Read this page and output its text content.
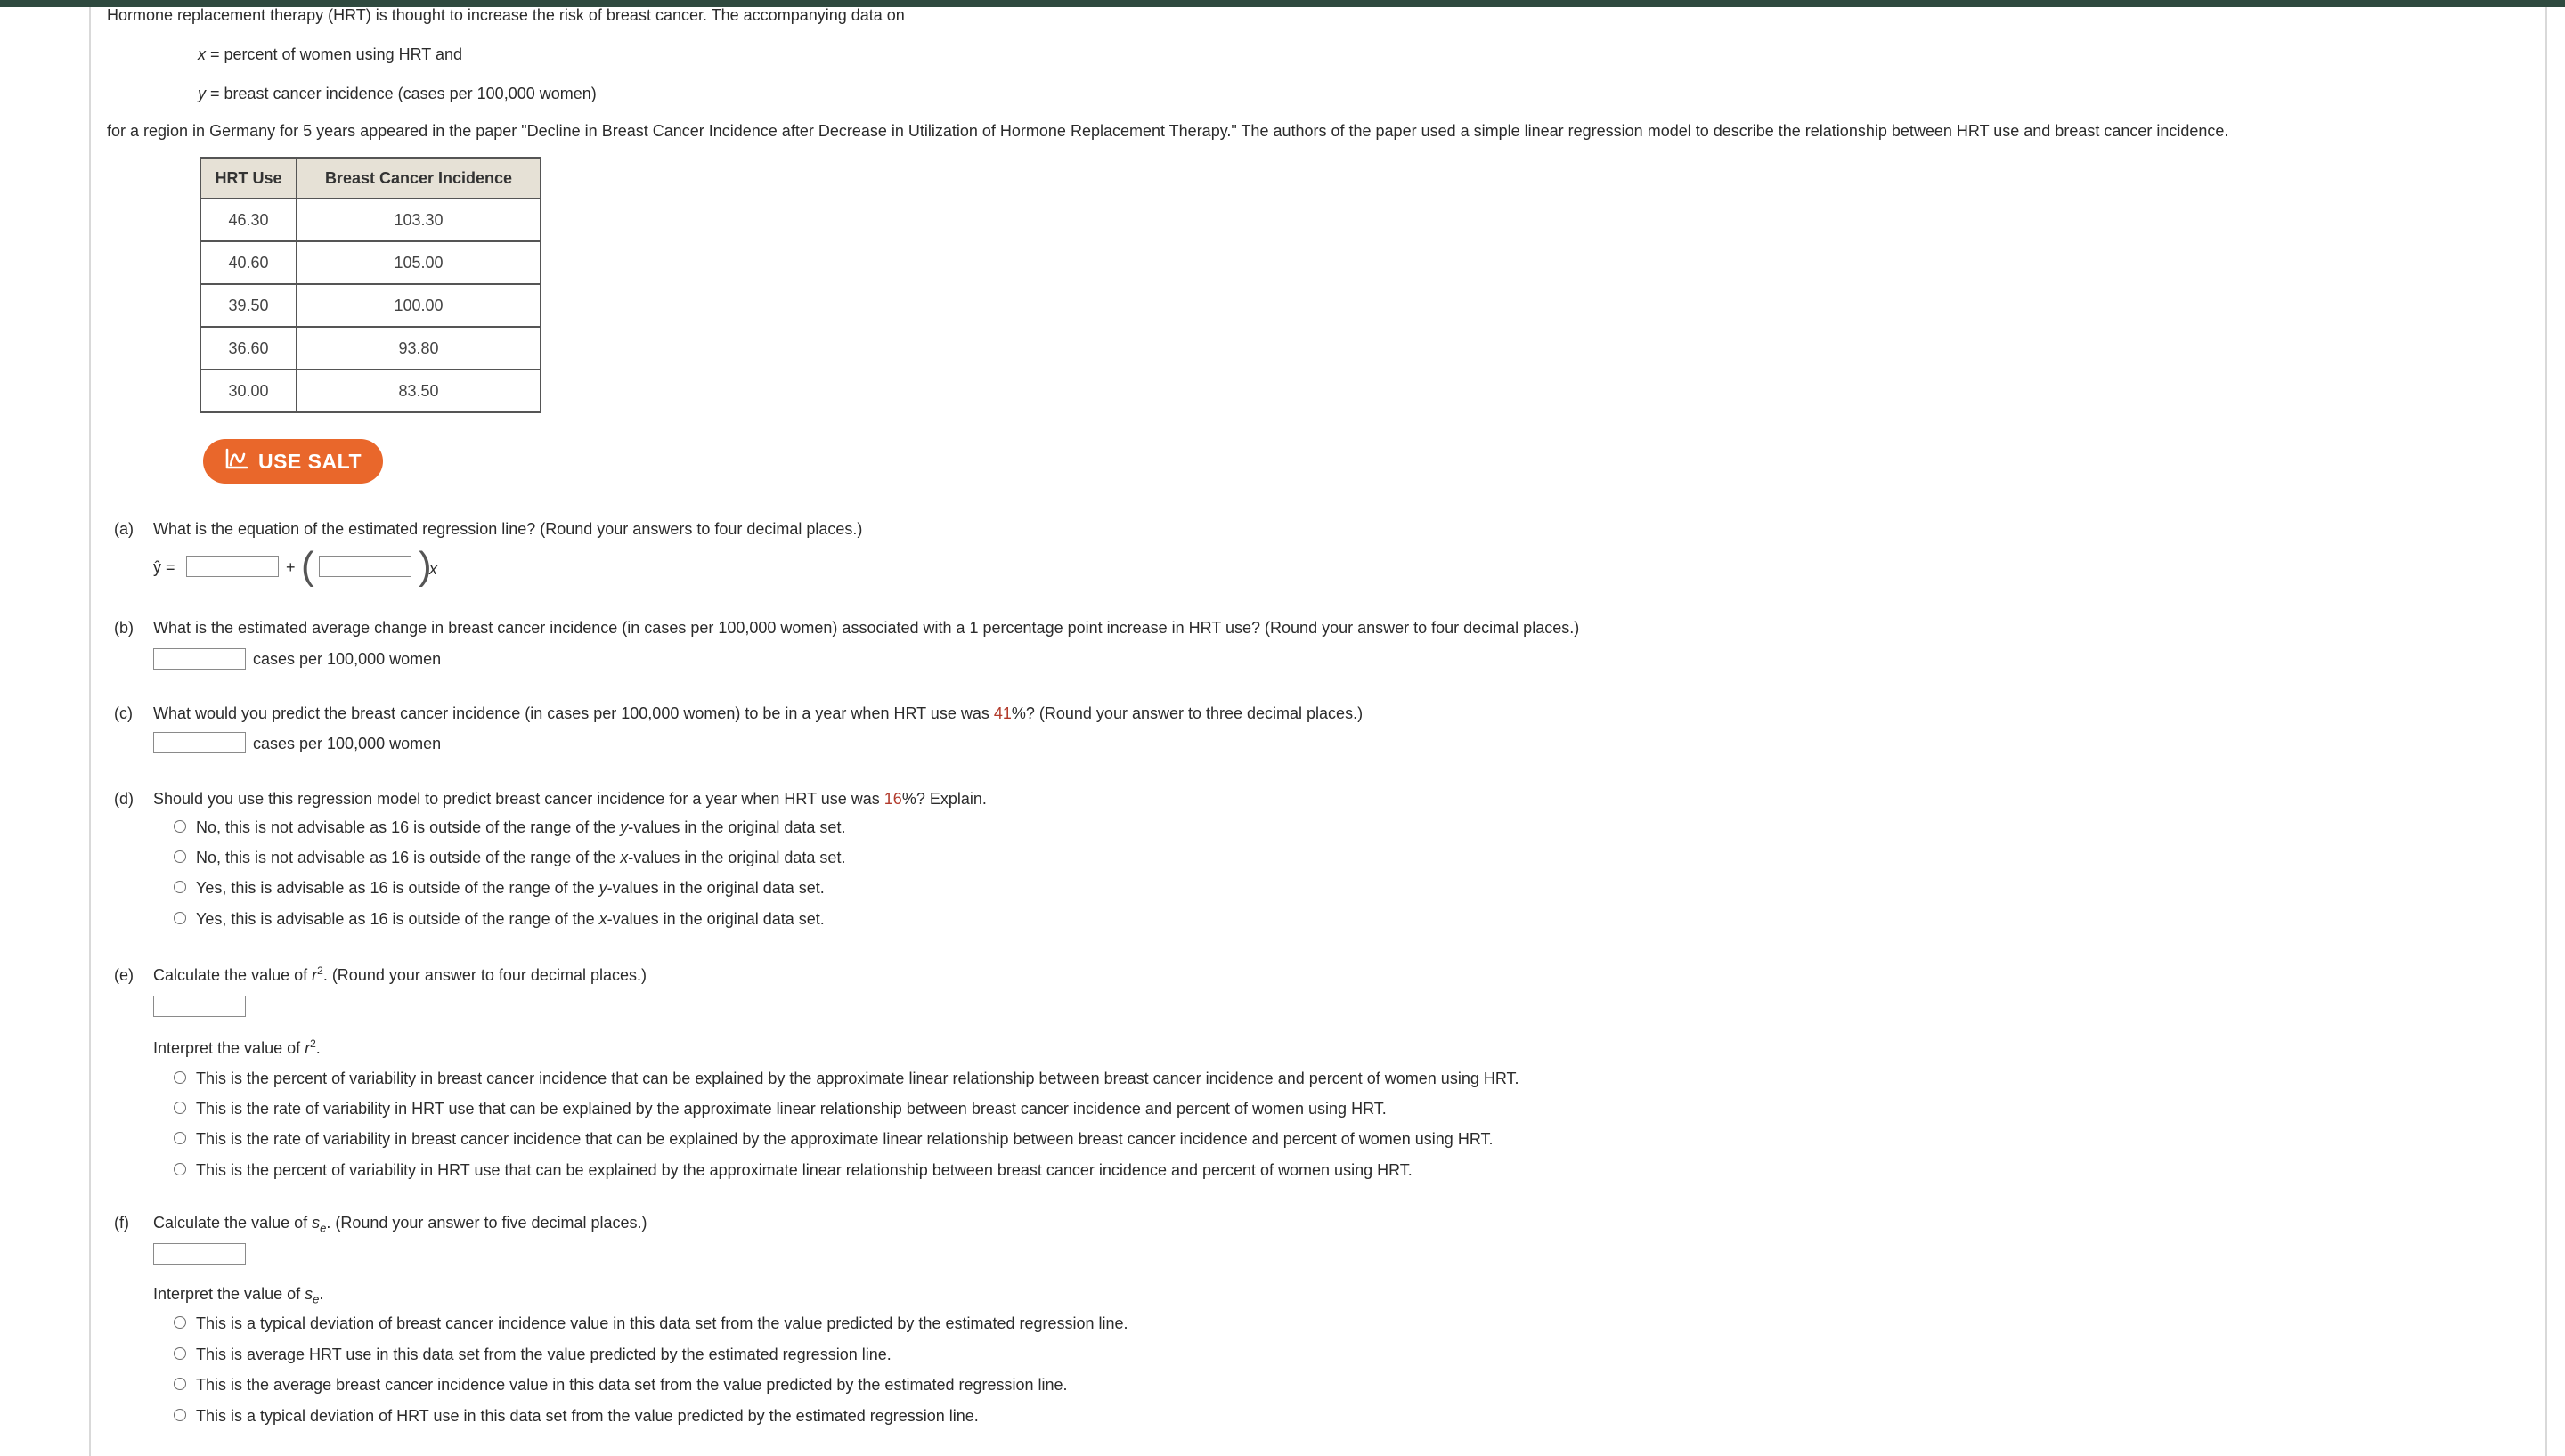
Hormone replacement therapy (HRT) is thought to increase the risk of breast cancer. The accompanying data on
x = percent of women using HRT and
y = breast cancer incidence (cases per 100,000 women)
for a region in Germany for 5 years appeared in the paper "Decline in Breast Cancer Incidence after Decrease in Utilization of Hormone Replacement Therapy." The authors of the paper used a simple linear regression model to describe the relationship between HRT use and breast cancer incidence.
HRT Use	Breast Cancer Incidence
46.30	103.30
40.60	105.00
39.50	100.00
36.60	93.80
30.00	83.50
USE SALT
(a) What is the equation of the estimated regression line? (Round your answers to four decimal places.)
ŷ =	+ (	)
x
(b) What is the estimated average change in breast cancer incidence (in cases per 100,000 women) associated with a 1 percentage point increase in HRT use? (Round your answer to four decimal places.)
cases per 100,000 women
(c) What would you predict the breast cancer incidence (in cases per 100,000 women) to be in a year when HRT use was 41%? (Round your answer to three decimal places.)
cases per 100,000 women
(d) Should you use this regression model to predict breast cancer incidence for a year when HRT use was 16%? Explain.
No, this is not advisable as 16 is outside of the range of the y-values in the original data set.
No, this is not advisable as 16 is outside of the range of the x-values in the original data set.
Yes, this is advisable as 16 is outside of the range of the y-values in the original data set.
Yes, this is advisable as 16 is outside of the range of the x-values in the original data set.
(e) Calculate the value of $r^2$. (Round your answer to four decimal places.)
Interpret the value of $r^2$.
This is the percent of variability in breast cancer incidence that can be explained by the approximate linear relationship between breast cancer incidence and percent of women using HRT.
This is the rate of variability in HRT use that can be explained by the approximate linear relationship between breast cancer incidence and percent of women using HRT.
This is the rate of variability in breast cancer incidence that can be explained by the approximate linear relationship between breast cancer incidence and percent of women using HRT.
This is the percent of variability in HRT use that can be explained by the approximate linear relationship between breast cancer incidence and percent of women using HRT.
(f) Calculate the value of $s_e$. (Round your answer to five decimal places.)
Interpret the value of $s_e$.
This is a typical deviation of breast cancer incidence value in this data set from the value predicted by the estimated regression line.
This is average HRT use in this data set from the value predicted by the estimated regression line.
This is the average breast cancer incidence value in this data set from the value predicted by the estimated regression line.
This is a typical deviation of HRT use in this data set from the value predicted by the estimated regression line.
